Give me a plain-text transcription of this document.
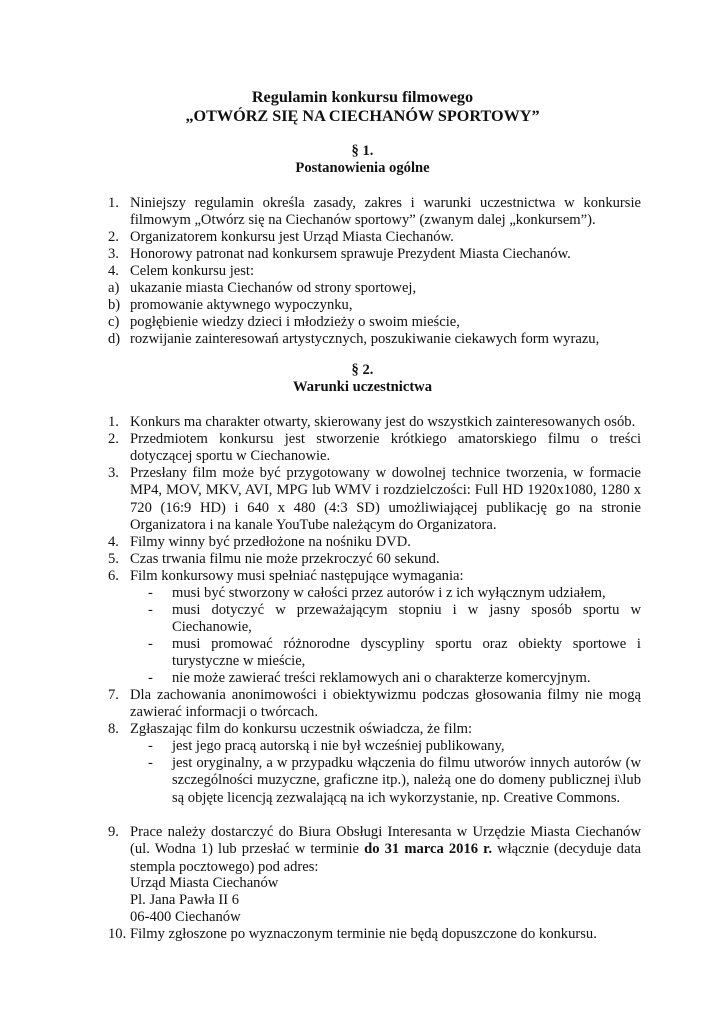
Regulamin konkursu filmowego
„OTWÓRZ SIĘ NA CIECHANÓW SPORTOWY”
§ 1.
Postanowienia ogólne
1. Niniejszy regulamin określa zasady, zakres i warunki uczestnictwa w konkursie filmowym „Otwórz się na Ciechanów sportowy” (zwanym dalej „konkursem”).
2. Organizatorem konkursu jest Urząd Miasta Ciechanów.
3. Honorowy patronat nad konkursem sprawuje Prezydent Miasta Ciechanów.
4. Celem konkursu jest:
a) ukazanie miasta Ciechanów od strony sportowej,
b) promowanie aktywnego wypoczynku,
c) pogłębienie wiedzy dzieci i młodzieży o swoim mieście,
d) rozwijanie zainteresowań artystycznych, poszukiwanie ciekawych form wyrazu,
§ 2.
Warunki uczestnictwa
1. Konkurs ma charakter otwarty, skierowany jest do wszystkich zainteresowanych osób.
2. Przedmiotem konkursu jest stworzenie krótkiego amatorskiego filmu o treści dotyczącej sportu w Ciechanowie.
3. Przesłany film może być przygotowany w dowolnej technice tworzenia, w formacie MP4, MOV, MKV, AVI, MPG lub WMV i rozdzielczości: Full HD 1920x1080, 1280 x 720 (16:9 HD) i 640 x 480 (4:3 SD) umożliwiającej publikację go na stronie Organizatora i na kanale YouTube należącym do Organizatora.
4. Filmy winny być przedłożone na nośniku DVD.
5. Czas trwania filmu nie może przekroczyć 60 sekund.
6. Film konkursowy musi spełniać następujące wymagania:
- musi być stworzony w całości przez autorów i z ich wyłącznym udziałem,
- musi dotyczyć w przeważającym stopniu i w jasny sposób sportu w Ciechanowie,
- musi promować różnorodne dyscypliny sportu oraz obiekty sportowe i turystyczne w mieście,
- nie może zawierać treści reklamowych ani o charakterze komercyjnym.
7. Dla zachowania anonimowości i obiektywizmu podczas głosowania filmy nie mogą zawierać informacji o twórcach.
8. Zgłaszając film do konkursu uczestnik oświadcza, że film:
- jest jego pracą autorską i nie był wcześniej publikowany,
- jest oryginalny, a w przypadku włączenia do filmu utworów innych autorów (w szczególności muzyczne, graficzne itp.), należą one do domeny publicznej i\lub są objęte licencją zezwalającą na ich wykorzystanie, np. Creative Commons.
9. Prace należy dostarczyć do Biura Obsługi Interesanta w Urzędzie Miasta Ciechanów (ul. Wodna 1) lub przesłać w terminie do 31 marca 2016 r. włącznie (decyduje data stempla pocztowego) pod adres:
Urząd Miasta Ciechanów
Pl. Jana Pawła II 6
06-400 Ciechanów
10. Filmy zgłoszone po wyznaczonym terminie nie będą dopuszczone do konkursu.
